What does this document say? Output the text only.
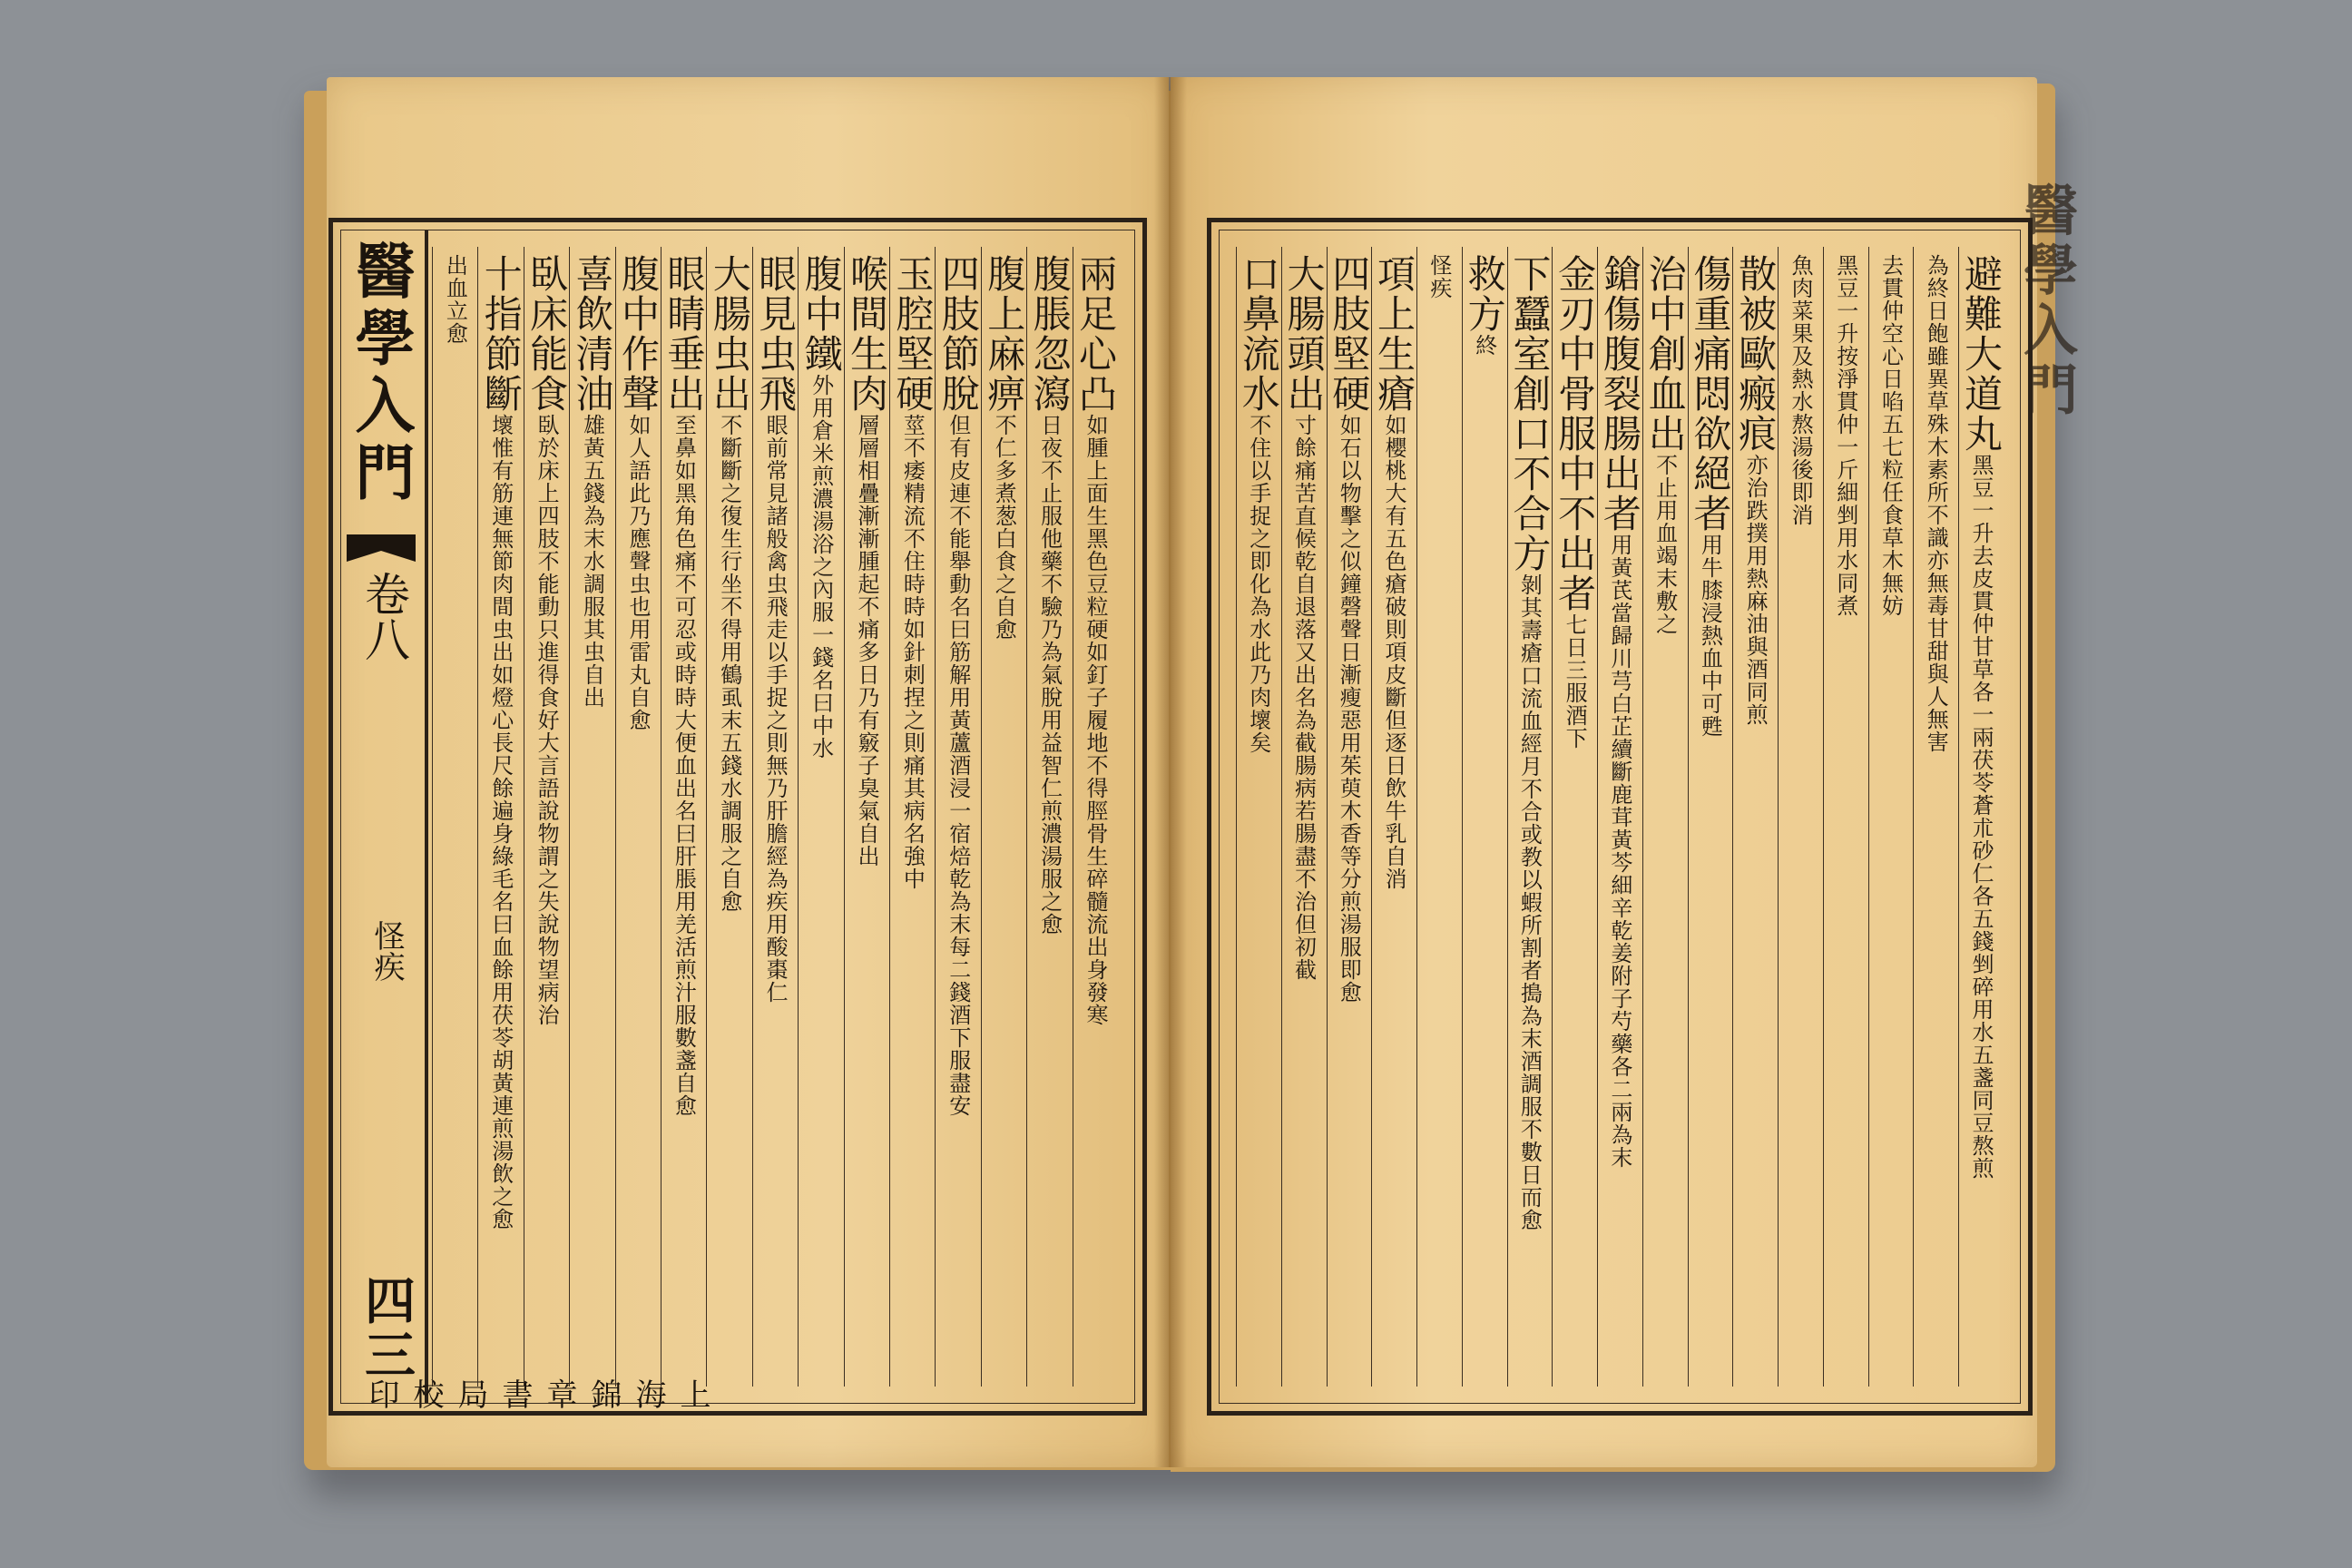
醫學入門
醫學入門
卷八
怪疾
四三
上海錦章書局校印
兩足心凸如腫上面生黑色豆粒硬如釘子履地不得脛骨生碎髓流出身發寒
腹脹忽瀉日夜不止服他藥不驗乃為氣脫用益智仁煎濃湯服之愈
腹上麻痹不仁多煮葱白食之自愈
四肢節脫但有皮連不能舉動名曰筋解用黃蘆酒浸一宿焙乾為末每二錢酒下服盡安
玉腔堅硬莖不痿精流不住時時如針刺捏之則痛其病名強中
喉間生肉層層相疊漸漸腫起不痛多日乃有竅子臭氣自出
腹中鐵外用倉米煎濃湯浴之內服一錢名曰中水
眼見虫飛眼前常見諸般禽虫飛走以手捉之則無乃肝膽經為疾用酸棗仁
大腸虫出不斷斷之復生行坐不得用鶴虱末五錢水調服之自愈
眼睛垂出至鼻如黑角色痛不可忍或時時大便血出名曰肝脹用羌活煎汁服數盞自愈
腹中作聲如人語此乃應聲虫也用雷丸自愈
喜飲清油雄黃五錢為末水調服其虫自出
臥床能食臥於床上四肢不能動只進得食好大言語說物謂之失說物望病治
十指節斷壞惟有筋連無節肉間虫出如燈心長尺餘遍身綠毛名曰血餘用茯苓胡黃連煎湯飲之愈
出血立愈	避難大道丸黑豆一升去皮貫仲甘草各一兩茯苓蒼朮砂仁各五錢剉碎用水五盞同豆熬煎
為終日飽雖異草殊木素所不識亦無毒甘甜與人無害
去貫仲空心日啗五七粒任食草木無妨
黑豆一升按淨貫仲一斤細剉用水同煮
魚肉菜果及熱水熬湯後即消
散被歐瘢痕亦治跌撲用熱麻油與酒同煎
傷重痛悶欲絕者用牛膝浸熱血中可甦
治中創血出不止用血竭末敷之
鎗傷腹裂腸出者用黃芪當歸川芎白芷續斷鹿茸黃芩細辛乾姜附子芍藥各二兩為末
金刃中骨服中不出者七日三服酒下
下蠶室創口不合方剝其壽瘡口流血經月不合或教以蝦所割者搗為末酒調服不數日而愈
救方終
怪疾
項上生瘡如櫻桃大有五色瘡破則項皮斷但逐日飲牛乳自消
四肢堅硬如石以物擊之似鐘磬聲日漸瘦惡用茱萸木香等分煎湯服即愈
大腸頭出寸餘痛苦直候乾自退落又出名為截腸病若腸盡不治但初截
口鼻流水不住以手捉之即化為水此乃肉壞矣
